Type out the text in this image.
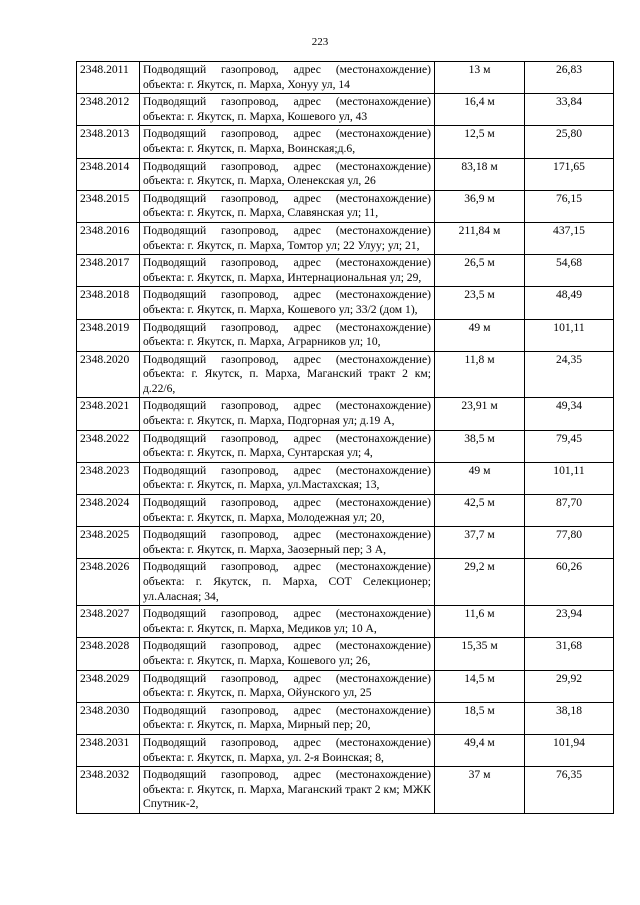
223
2348.2011	Подводящий газопровод, адрес (местонахождение) объекта: г. Якутск, п. Марха, Хонуу ул, 14	13 м	26,83
2348.2012	Подводящий газопровод, адрес (местонахождение) объекта: г. Якутск, п. Марха, Кошевого ул, 43	16,4 м	33,84
2348.2013	Подводящий газопровод, адрес (местонахождение) объекта: г. Якутск, п. Марха, Воинская;д.6,	12,5 м	25,80
2348.2014	Подводящий газопровод, адрес (местонахождение) объекта: г. Якутск, п. Марха, Оленекская ул, 26	83,18 м	171,65
2348.2015	Подводящий газопровод, адрес (местонахождение) объекта: г. Якутск, п. Марха, Славянская ул; 11,	36,9 м	76,15
2348.2016	Подводящий газопровод, адрес (местонахождение) объекта: г. Якутск, п. Марха, Томтор ул; 22 Улуу; ул; 21,	211,84 м	437,15
2348.2017	Подводящий газопровод, адрес (местонахождение) объекта: г. Якутск, п. Марха, Интернациональная ул; 29,	26,5 м	54,68
2348.2018	Подводящий газопровод, адрес (местонахождение) объекта: г. Якутск, п. Марха, Кошевого ул; 33/2 (дом 1),	23,5 м	48,49
2348.2019	Подводящий газопровод, адрес (местонахождение) объекта: г. Якутск, п. Марха, Аграрников ул; 10,	49 м	101,11
2348.2020	Подводящий газопровод, адрес (местонахождение) объекта: г. Якутск, п. Марха, Маганский тракт 2 км; д.22/6,	11,8 м	24,35
2348.2021	Подводящий газопровод, адрес (местонахождение) объекта: г. Якутск, п. Марха, Подгорная ул; д.19 А,	23,91 м	49,34
2348.2022	Подводящий газопровод, адрес (местонахождение) объекта: г. Якутск, п. Марха, Сунтарская ул; 4,	38,5 м	79,45
2348.2023	Подводящий газопровод, адрес (местонахождение) объекта: г. Якутск, п. Марха, ул.Мастахская; 13,	49 м	101,11
2348.2024	Подводящий газопровод, адрес (местонахождение) объекта: г. Якутск, п. Марха, Молодежная ул; 20,	42,5 м	87,70
2348.2025	Подводящий газопровод, адрес (местонахождение) объекта: г. Якутск, п. Марха, Заозерный пер; 3 А,	37,7 м	77,80
2348.2026	Подводящий газопровод, адрес (местонахождение) объекта: г. Якутск, п. Марха, СОТ Селекционер; ул.Аласная; 34,	29,2 м	60,26
2348.2027	Подводящий газопровод, адрес (местонахождение) объекта: г. Якутск, п. Марха, Медиков ул; 10 А,	11,6 м	23,94
2348.2028	Подводящий газопровод, адрес (местонахождение) объекта: г. Якутск, п. Марха, Кошевого ул; 26,	15,35 м	31,68
2348.2029	Подводящий газопровод, адрес (местонахождение) объекта: г. Якутск, п. Марха, Ойунского ул, 25	14,5 м	29,92
2348.2030	Подводящий газопровод, адрес (местонахождение) объекта: г. Якутск, п. Марха, Мирный пер; 20,	18,5 м	38,18
2348.2031	Подводящий газопровод, адрес (местонахождение) объекта: г. Якутск, п. Марха, ул. 2-я Воинская; 8,	49,4 м	101,94
2348.2032	Подводящий газопровод, адрес (местонахождение) объекта: г. Якутск, п. Марха, Маганский тракт 2 км; МЖК Спутник-2,	37 м	76,35
